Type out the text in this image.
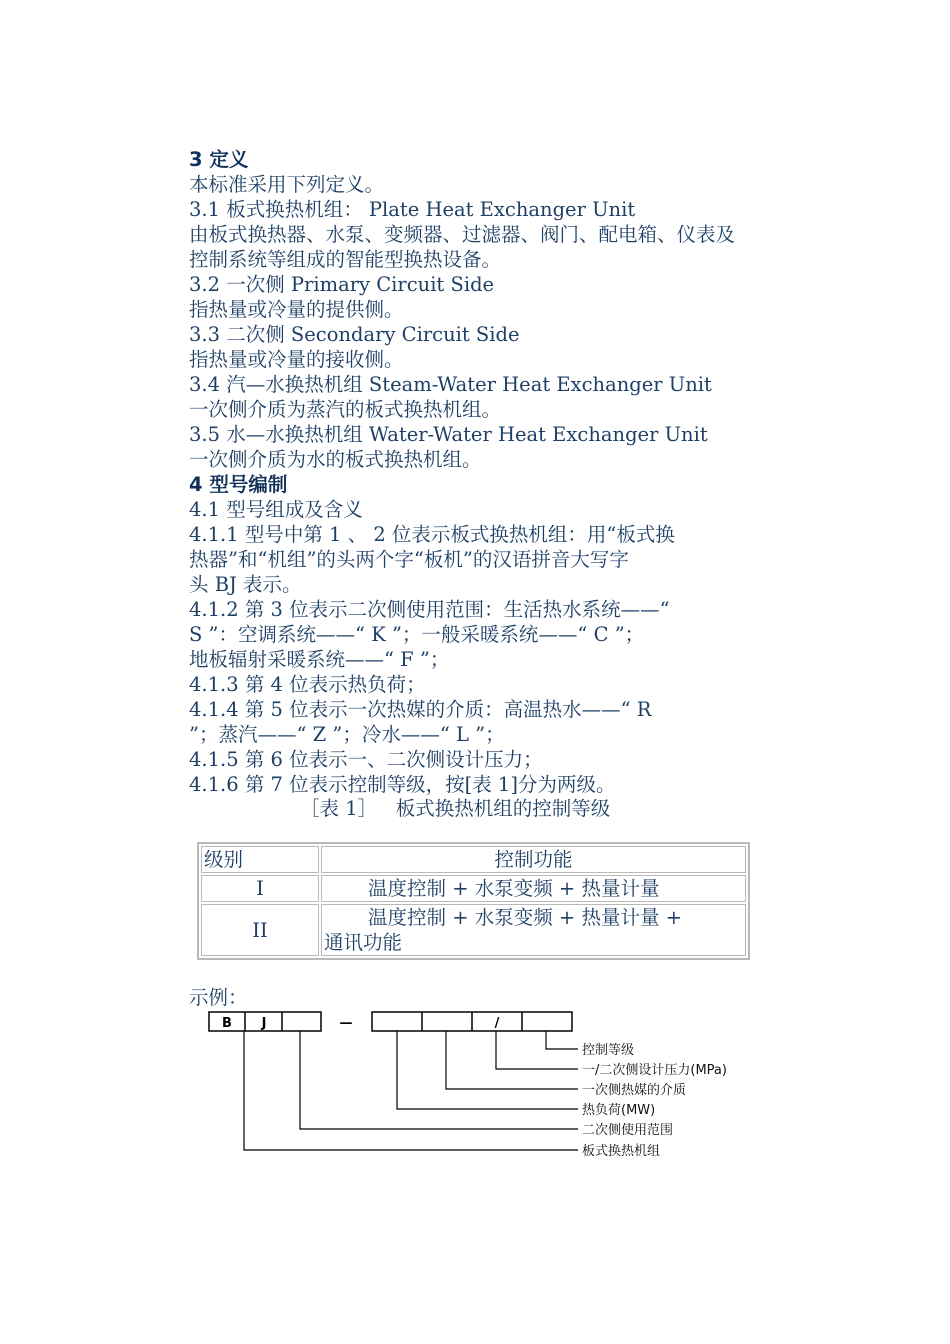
3 定义
本标准采用下列定义。
3.1 板式换热机组： Plate Heat Exchanger Unit
由板式换热器、水泵、变频器、过滤器、阀门、配电箱、仪表及
控制系统等组成的智能型换热设备。
3.2 一次侧 Primary Circuit Side
指热量或冷量的提供侧。
3.3 二次侧 Secondary Circuit Side
指热量或冷量的接收侧。
3.4 汽—水换热机组 Steam-Water Heat Exchanger Unit
一次侧介质为蒸汽的板式换热机组。
3.5 水—水换热机组 Water-Water Heat Exchanger Unit
一次侧介质为水的板式换热机组。
4 型号编制
4.1 型号组成及含义
4.1.1 型号中第 1 、 2 位表示板式换热机组：用“板式换
热器”和“机组”的头两个字“板机”的汉语拼音大写字
头 BJ 表示。
4.1.2 第 3 位表示二次侧使用范围：生活热水系统——“
S ”：空调系统——“ K ”；一般采暖系统——“ C ”；
地板辐射采暖系统——“ F ”；
4.1.3 第 4 位表示热负荷；
4.1.4 第 5 位表示一次热媒的介质：高温热水——“ R
”；蒸汽——“ Z ”；冷水——“ L ”；
4.1.5 第 6 位表示一、二次侧设计压力；
4.1.6 第 7 位表示控制等级，按[表 1]分为两级。
［表 1］   板式换热机组的控制等级
级别	控制功能
I	温度控制 + 水泵变频 + 热量计量
II	温度控制 + 水泵变频 + 热量计量 +
通讯功能
示例：
B J	—	/
控制等级
一/二次侧设计压力(MPa)
一次侧热媒的介质
热负荷(MW)
二次侧使用范围
板式换热机组
